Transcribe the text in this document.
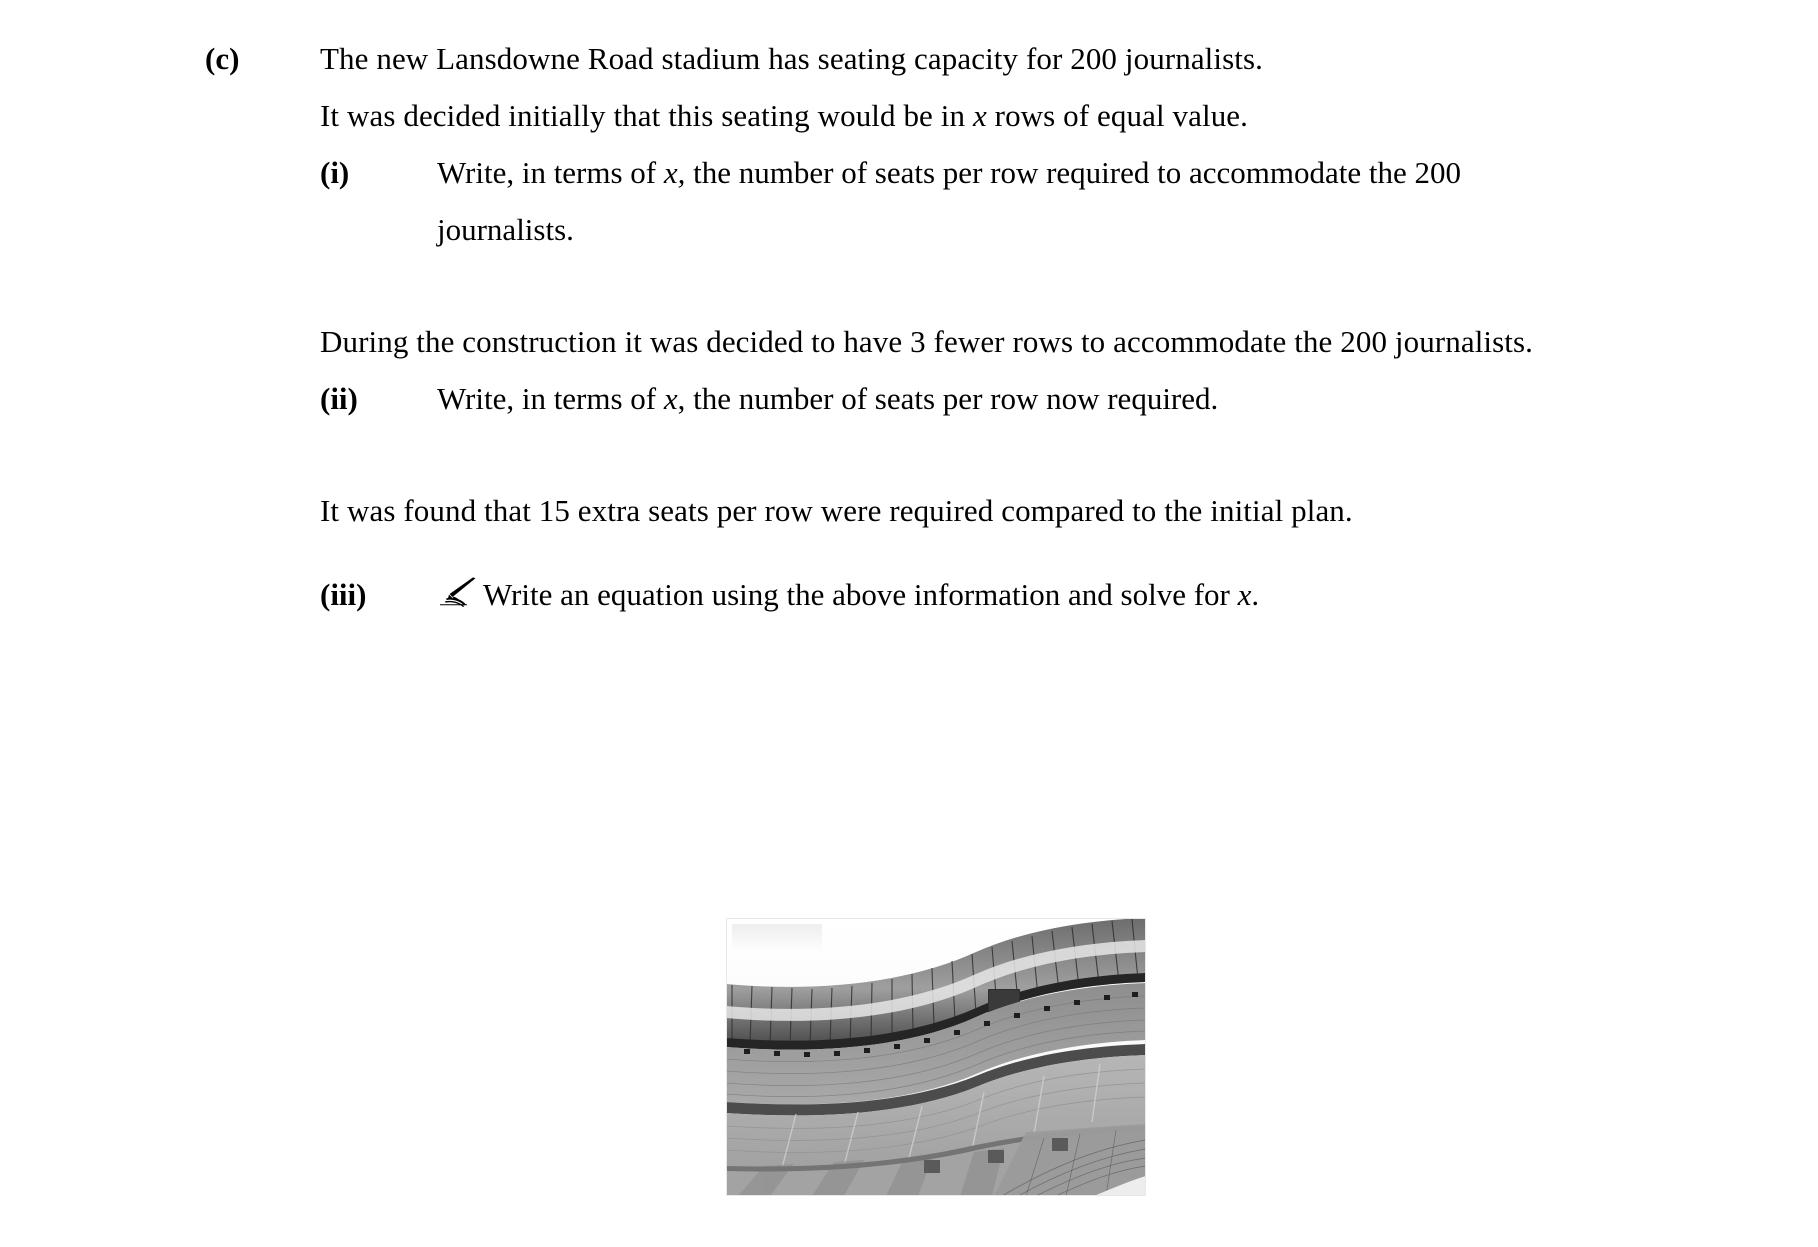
(c)	The new Lansdowne Road stadium has seating capacity for 200 journalists.
It was decided initially that this seating would be in x rows of equal value.
(i)	Write, in terms of x, the number of seats per row required to accommodate the 200 journalists.
During the construction it was decided to have 3 fewer rows to accommodate the 200 journalists.
(ii)	Write, in terms of x, the number of seats per row now required.
It was found that 15 extra seats per row were required compared to the initial plan.
(iii)	Write an equation using the above information and solve for x.
